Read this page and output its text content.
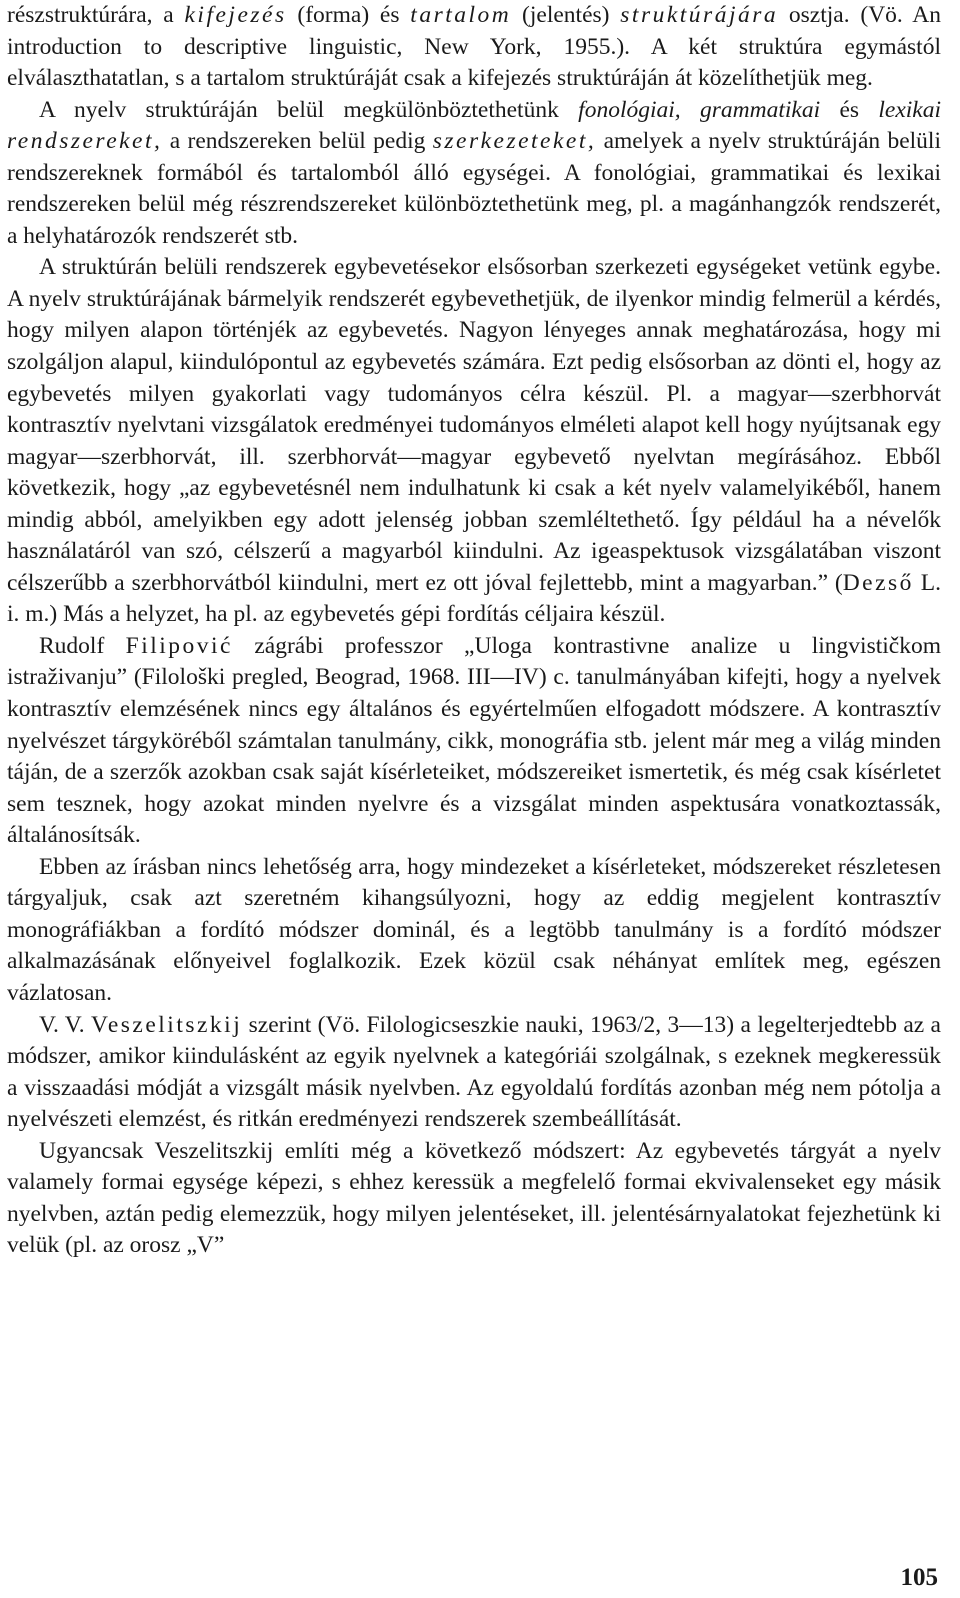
részstruktúrára, a kifejezés (forma) és tartalom (jelentés) struktúrájára osztja. (Vö. An introduction to descriptive linguistic, New York, 1955.). A két struktúra egymástól elválaszthatatlan, s a tartalom struktúráját csak a kifejezés struktúráján át közelíthetjük meg.

A nyelv struktúráján belül megkülönböztethetünk fonológiai, grammatikai és lexikai rendszereket, a rendszereken belül pedig szerkezeteket, amelyek a nyelv struktúráján belüli rendszereknek formából és tartalomból álló egységei. A fonológiai, grammatikai és lexikai rendszereken belül még részrendszereket különböztethetünk meg, pl. a magánhangzók rendszerét, a helyhatározók rendszerét stb.

A struktúrán belüli rendszerek egybevetésekor elsősorban szerkezeti egységeket vetünk egybe. A nyelv struktúrájának bármelyik rendszerét egybevethetjük, de ilyenkor mindig felmerül a kérdés, hogy milyen alapon történjék az egybevetés. Nagyon lényeges annak meghatározása, hogy mi szolgáljon alapul, kiindulópontul az egybevetés számára. Ezt pedig elsősorban az dönti el, hogy az egybevetés milyen gyakorlati vagy tudományos célra készül. Pl. a magyar—szerbhorvát kontrasztív nyelvtani vizsgálatok eredményei tudományos elméleti alapot kell hogy nyújtsanak egy magyar—szerbhorvát, ill. szerbhorvát—magyar egybevető nyelvtan megírásához. Ebből következik, hogy „az egybevetésnél nem indulhatunk ki csak a két nyelv valamelyikéből, hanem mindig abból, amelyikben egy adott jelenség jobban szemléltethető. Így például ha a névelők használatáról van szó, célszerű a magyarból kiindulni. Az igeaspektusok vizsgálatában viszont célszerűbb a szerbhorvátból kiindulni, mert ez ott jóval fejlettebb, mint a magyarban.” (Dezső L. i. m.) Más a helyzet, ha pl. az egybevetés gépi fordítás céljaira készül.

Rudolf Filipović zágrábi professzor „Uloga kontrastivne analize u lingvističkom istraživanju” (Filološki pregled, Beograd, 1968. III—IV) c. tanulmányában kifejti, hogy a nyelvek kontrasztív elemzésének nincs egy általános és egyértelműen elfogadott módszere. A kontrasztív nyelvészet tárgyköréből számtalan tanulmány, cikk, monográfia stb. jelent már meg a világ minden táján, de a szerzők azokban csak saját kísérleteiket, módszereiket ismertetik, és még csak kísérletet sem tesznek, hogy azokat minden nyelvre és a vizsgálat minden aspektusára vonatkoztassák, általánosítsák.

Ebben az írásban nincs lehetőség arra, hogy mindezeket a kísérleteket, módszereket részletesen tárgyaljuk, csak azt szeretném kihangsúlyozni, hogy az eddig megjelent kontrasztív monográfiákban a fordító módszer dominál, és a legtöbb tanulmány is a fordító módszer alkalmazásának előnyeivel foglalkozik. Ezek közül csak néhányat említek meg, egészen vázlatosan.

V. V. Veszelitszkij szerint (Vö. Filologicseszkie nauki, 1963/2, 3—13) a legelterjedtebb az a módszer, amikor kiindulásként az egyik nyelvnek a kategóriái szolgálnak, s ezeknek megkeressük a visszaadási módját a vizsgált másik nyelvben. Az egyoldalú fordítás azonban még nem pótolja a nyelvészeti elemzést, és ritkán eredményezi rendszerek szembeállítását.

Ugyancsak Veszelitszkij említi még a következő módszert: Az egybevetés tárgyát a nyelv valamely formai egysége képezi, s ehhez keressük a megfelelő formai ekvivalenseket egy másik nyelvben, aztán pedig elemezzük, hogy milyen jelentéseket, ill. jelentésárnyalatokat fejezhetünk ki velük (pl. az orosz „V”

105
